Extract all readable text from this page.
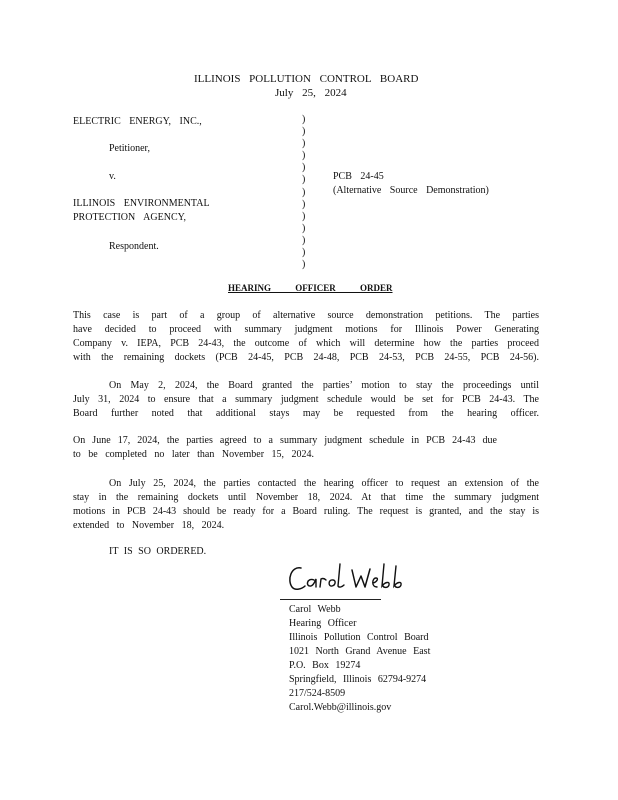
ILLINOIS POLLUTION CONTROL BOARD
July 25, 2024
ELECTRIC ENERGY, INC.,
Petitioner,
v.
ILLINOIS ENVIRONMENTAL
PROTECTION AGENCY,
Respondent.
)
)
)
)
)
)
)
)
)
)
)
)
)
PCB 24-45
(Alternative Source Demonstration)
HEARING OFFICER ORDER
This case is part of a group of alternative source demonstration petitions. The parties
have decided to proceed with summary judgment motions for Illinois Power Generating
Company v. IEPA, PCB 24-43, the outcome of which will determine how the parties proceed
with the remaining dockets (PCB 24-45, PCB 24-48, PCB 24-53, PCB 24-55, PCB 24-56).
On May 2, 2024, the Board granted the parties’ motion to stay the proceedings until
July 31, 2024 to ensure that a summary judgment schedule would be set for PCB 24-43. The
Board further noted that additional stays may be requested from the hearing officer.
On June 17, 2024, the parties agreed to a summary judgment schedule in PCB 24-43 due
to be completed no later than November 15, 2024.
On July 25, 2024, the parties contacted the hearing officer to request an extension of the
stay in the remaining dockets until November 18, 2024. At that time the summary judgment
motions in PCB 24-43 should be ready for a Board ruling. The request is granted, and the stay is
extended to November 18, 2024.
IT IS SO ORDERED.
Carol Webb
Hearing Officer
Illinois Pollution Control Board
1021 North Grand Avenue East
P.O. Box 19274
Springfield, Illinois 62794-9274
217/524-8509
Carol.Webb@illinois.gov
